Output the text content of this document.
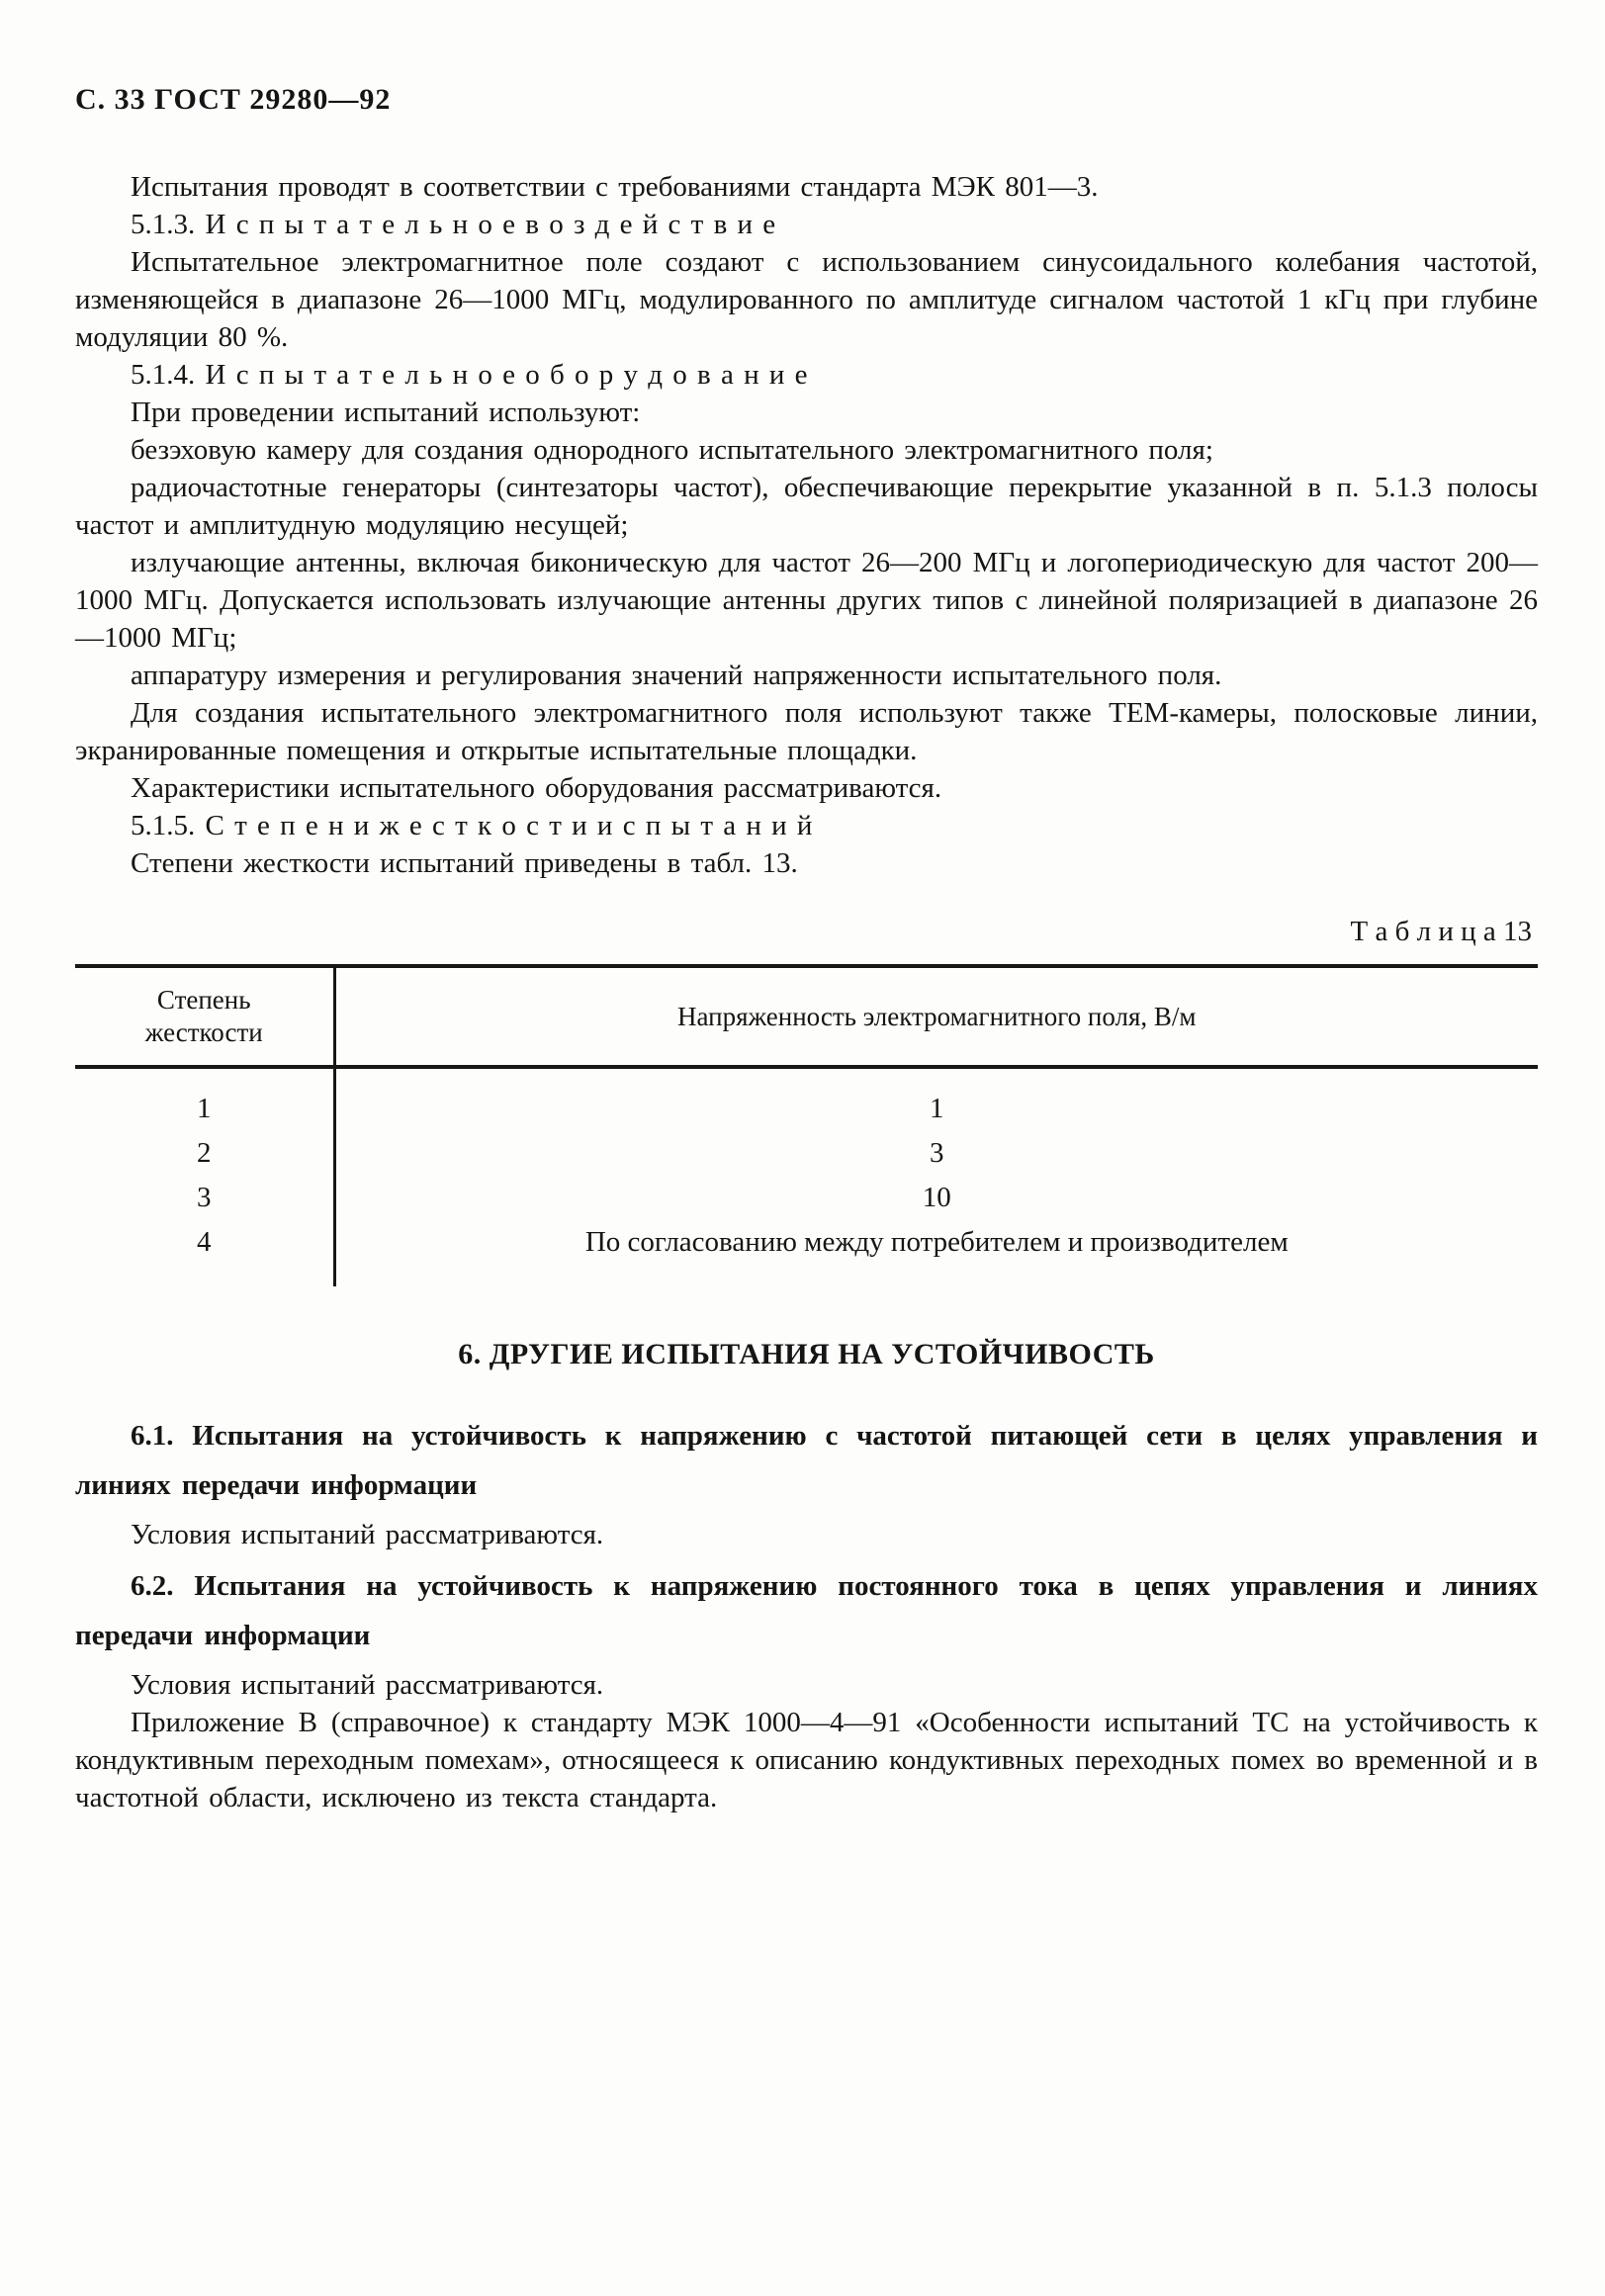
С. 33 ГОСТ 29280—92

Испытания проводят в соответствии с требованиями стандарта МЭК 801—3.

5.1.3. И с п ы т а т е л ь н о е в о з д е й с т в и е

Испытательное электромагнитное поле создают с использованием синусоидального колебания частотой, изменяющейся в диапазоне 26—1000 МГц, модулированного по амплитуде сигналом частотой 1 кГц при глубине модуляции 80 %.

5.1.4. И с п ы т а т е л ь н о е о б о р у д о в а н и е

При проведении испытаний используют:

безэховую камеру для создания однородного испытательного электромагнитного поля;

радиочастотные генераторы (синтезаторы частот), обеспечивающие перекрытие указанной в п. 5.1.3 полосы частот и амплитудную модуляцию несущей;

излучающие антенны, включая биконическую для частот 26—200 МГц и логопериодическую для частот 200—1000 МГц. Допускается использовать излучающие антенны других типов с линейной поляризацией в диапазоне 26—1000 МГц;

аппаратуру измерения и регулирования значений напряженности испытательного поля.

Для создания испытательного электромагнитного поля используют также ТЕМ-камеры, полосковые линии, экранированные помещения и открытые испытательные площадки.

Характеристики испытательного оборудования рассматриваются.

5.1.5. С т е п е н и ж е с т к о с т и и с п ы т а н и й

Степени жесткости испытаний приведены в табл. 13.

Т а б л и ц а 13
Степень жесткости	Напряженность электромагнитного поля, В/м
1	1
2	3
3	10
4	По согласованию между потребителем и производителем
6. ДРУГИЕ ИСПЫТАНИЯ НА УСТОЙЧИВОСТЬ

6.1. Испытания на устойчивость к напряжению с частотой питающей сети в целях управления и линиях передачи информации

Условия испытаний рассматриваются.

6.2. Испытания на устойчивость к напряжению постоянного тока в цепях управления и линиях передачи информации

Условия испытаний рассматриваются.

Приложение В (справочное) к стандарту МЭК 1000—4—91 «Особенности испытаний ТС на устойчивость к кондуктивным переходным помехам», относящееся к описанию кондуктивных переходных помех во временной и в частотной области, исключено из текста стандарта.
